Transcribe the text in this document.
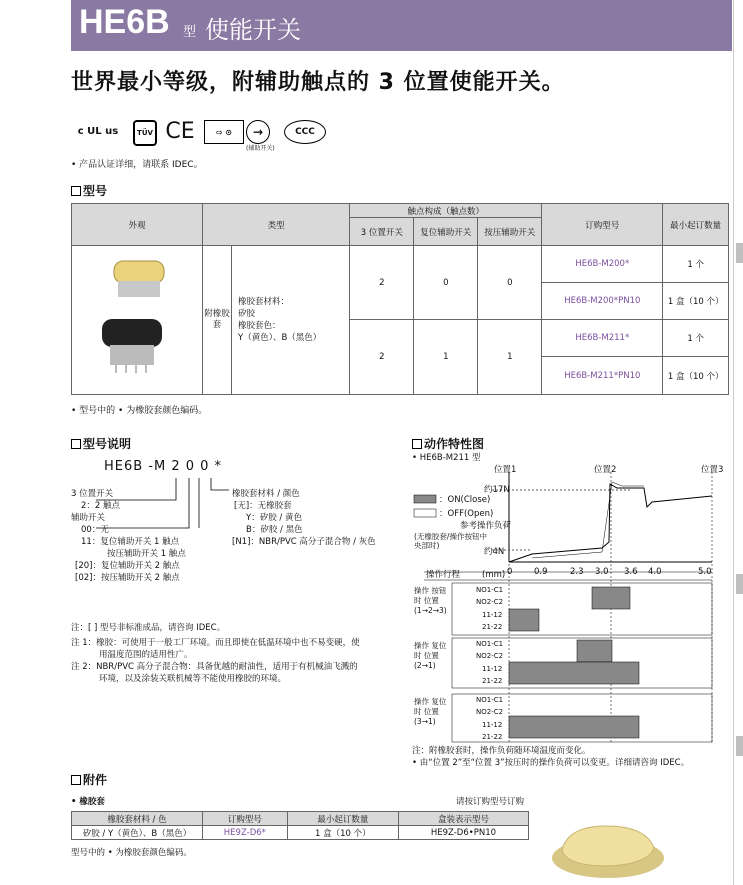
HE6B 型 使能开关
世界最小等级，附辅助触点的 3 位置使能开关。
c UL us	TÜV CE	⇨ ⊙	→
(辅助开关)
CCC
• 产品认证详细，请联系 IDEC。
型号
外观	类型		触点构成（触点数）			订购型号	最小起订数量
			3 位置开关	复位辅助开关	按压辅助开关		
	附橡胶套	橡胶套材料：
矽胶
橡胶套色：
Y（黄色）、B（黑色）	2	0	0	HE6B-M200*	1 个
						HE6B-M200*PN10	1 盒（10 个）
			2	1	1	HE6B-M211*	1 个
						HE6B-M211*PN10	1 盒（10 个）
• 型号中的 • 为橡胶套颜色编码。
型号说明
HE6B -M 2 0 0 *
3 位置开关
2：2 触点
辅助开关
00：无
11：复位辅助开关 1 触点
按压辅助开关 1 触点
[20]：复位辅助开关 2 触点
[02]：按压辅助开关 2 触点
橡胶套材料 / 颜色
[无]：无橡胶套
Y：矽胶 / 黄色
B：矽胶 / 黑色
[N1]：NBR/PVC 高分子混合物 / 灰色
注：[ ] 型号非标准成品，请咨询 IDEC。
注 1：橡胶：可使用于一般工厂环境。而且即使在低温环境中也不易变硬，使
用温度范围的适用性广。
注 2：NBR/PVC 高分子混合物：具备优越的耐油性，适用于有机械油飞溅的
环境，以及涂装关联机械等不能使用橡胶的环境。
动作特性图
• HE6B-M211 型
位置1	位置2	位置3
：ON(Close)
：OFF(Open)
参考操作负荷
约17N
约4N
(无橡胶套/操作按钮中央部时)
操作行程	(mm) 0	0.9	2.3 3.0 3.6 4.0	5.0
操作 按钮时 位置 (1→2→3)
操作 复位时 位置 (2→1)
操作 复位时 位置 (3→1)
NO1-C1
NO2-C2
11-12
21-22
NO1-C1
NO2-C2
11-12
21-22
NO1-C1
NO2-C2
11-12
21-22
注：附橡胶套时，操作负荷随环境温度而变化。
• 由“位置 2”至“位置 3”按压时的操作负荷可以变更。详细请咨询 IDEC。
附件
• 橡胶套	请按订购型号订购
橡胶套材料 / 色	订购型号	最小起订数量	盒装表示型号
矽胶 / Y（黄色）、B（黑色）	HE9Z-D6*	1 盒（10 个）	HE9Z-D6•PN10
型号中的 • 为橡胶套颜色编码。
